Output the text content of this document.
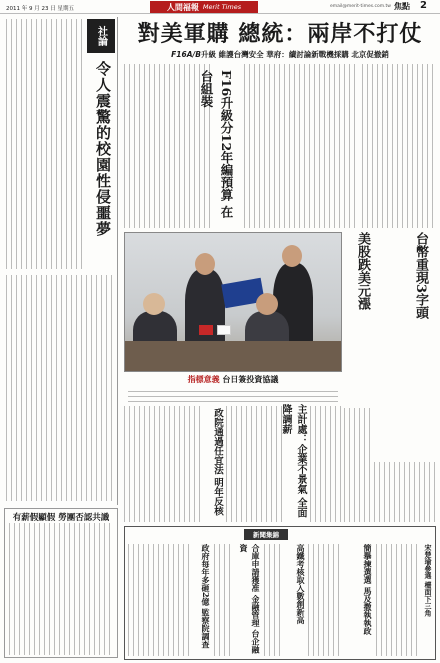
2011 年 9 月 23 日 星期五	人間福報 Merit Times	email@merit-times.com.tw 焦點 2
社論
令人震驚的校園性侵噩夢
有薪假顯假 勞團否認共識
對美軍購 總統：兩岸不打仗
F16A/B升級 維護台灣安全 華府：續討論新戰機採購 北京促撤銷
F16升級分12年編預算 在台組裝
指標意義 台日簽投資協議
美股跌美元漲	台幣重現3字頭
政院通過任宜法 明年反核	主計處：企業不景氣 全面降調薪
新聞集錦
政府每年多砸2億 監察院調查	合庫申請獲准 金融管理 台企融資	高鐵考核取入數創新高	簡擧揀選選 馬及撒執執政	宋楚瑜參選 檯面下三角
